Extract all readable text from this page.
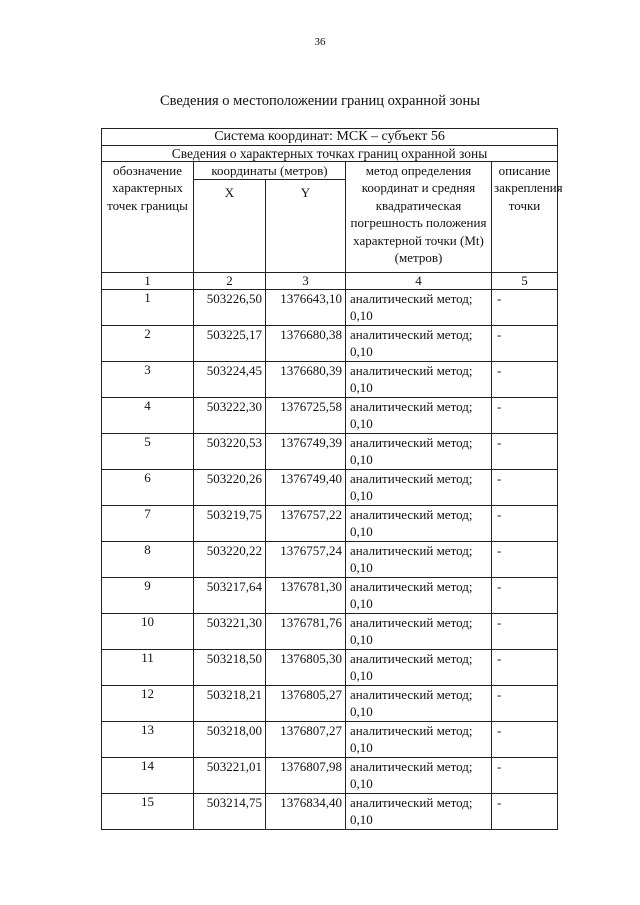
36
Сведения о местоположении границ охранной зоны
Система координат: МСК – субъект 56				
Сведения о характерных точках границ охранной зоны				
обозначение характерных точек границы	координаты (метров)		метод определения координат и средняя квадратическая погрешность положения характерной точки (Mt) (метров)	описание закрепления точки
	X	Y		
1	2	3	4	5
1	503226,50	1376643,10	аналитический метод; 0,10	-
2	503225,17	1376680,38	аналитический метод; 0,10	-
3	503224,45	1376680,39	аналитический метод; 0,10	-
4	503222,30	1376725,58	аналитический метод; 0,10	-
5	503220,53	1376749,39	аналитический метод; 0,10	-
6	503220,26	1376749,40	аналитический метод; 0,10	-
7	503219,75	1376757,22	аналитический метод; 0,10	-
8	503220,22	1376757,24	аналитический метод; 0,10	-
9	503217,64	1376781,30	аналитический метод; 0,10	-
10	503221,30	1376781,76	аналитический метод; 0,10	-
11	503218,50	1376805,30	аналитический метод; 0,10	-
12	503218,21	1376805,27	аналитический метод; 0,10	-
13	503218,00	1376807,27	аналитический метод; 0,10	-
14	503221,01	1376807,98	аналитический метод; 0,10	-
15	503214,75	1376834,40	аналитический метод; 0,10	-
